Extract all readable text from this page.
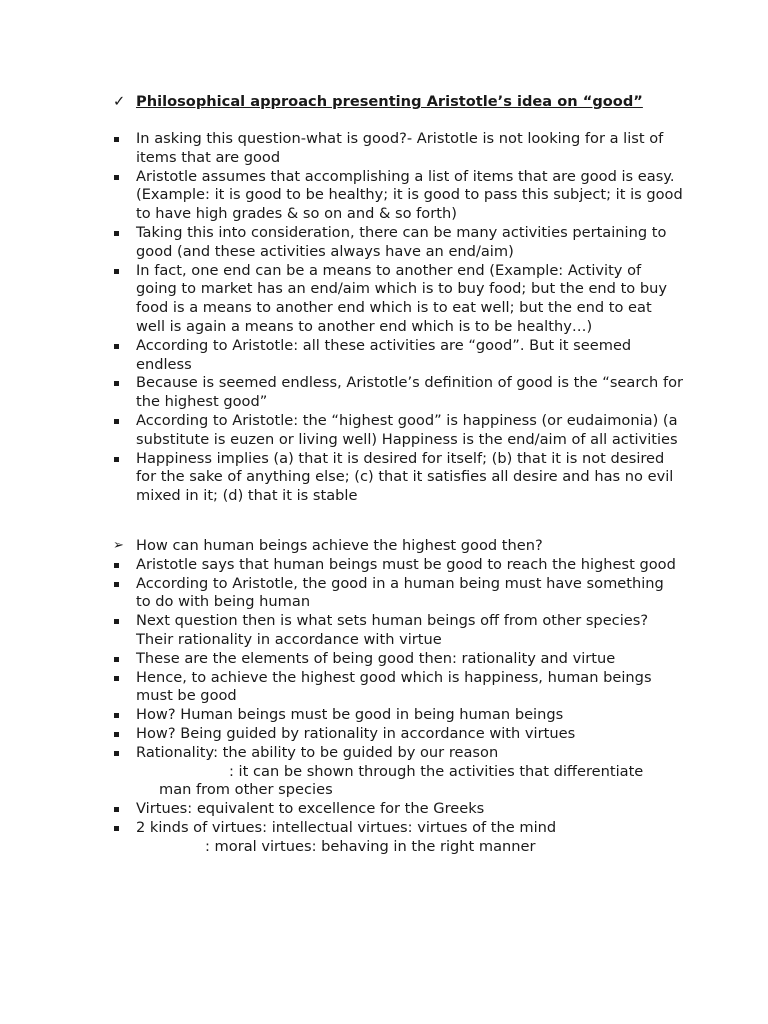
✓ Philosophical approach presenting Aristotle’s idea on “good”
In asking this question-what is good?- Aristotle is not looking for a list of items that are good
Aristotle assumes that accomplishing a list of items that are good is easy. (Example: it is good to be healthy; it is good to pass this subject; it is good to have high grades & so on and & so forth)
Taking this into consideration, there can be many activities pertaining to good (and these activities always have an end/aim)
In fact, one end can be a means to another end (Example: Activity of going to market has an end/aim which is to buy food; but the end to buy food is a means to another end which is to eat well; but the end to eat well is again a means to another end which is to be healthy…)
According to Aristotle: all these activities are “good”. But it seemed endless
Because is seemed endless, Aristotle’s definition of good is the “search for the highest good”
According to Aristotle: the “highest good” is happiness (or eudaimonia) (a substitute is euzen or living well) Happiness is the end/aim of all activities
Happiness implies (a) that it is desired for itself; (b) that it is not desired for the sake of anything else; (c) that it satisfies all desire and has no evil mixed in it; (d) that it is stable
➢ How can human beings achieve the highest good then?
Aristotle says that human beings must be good to reach the highest good
According to Aristotle, the good in a human being must have something to do with being human
Next question then is what sets human beings off from other species? Their rationality in accordance with virtue
These are the elements of being good then: rationality and virtue
Hence, to achieve the highest good which is happiness, human beings must be good
How? Human beings must be good in being human beings
How? Being guided by rationality in accordance with virtues
Rationality: the ability to be guided by our reason
: it can be shown through the activities that differentiate
man from other species
Virtues: equivalent to excellence for the Greeks
2 kinds of virtues: intellectual virtues: virtues of the mind
: moral virtues: behaving in the right manner
